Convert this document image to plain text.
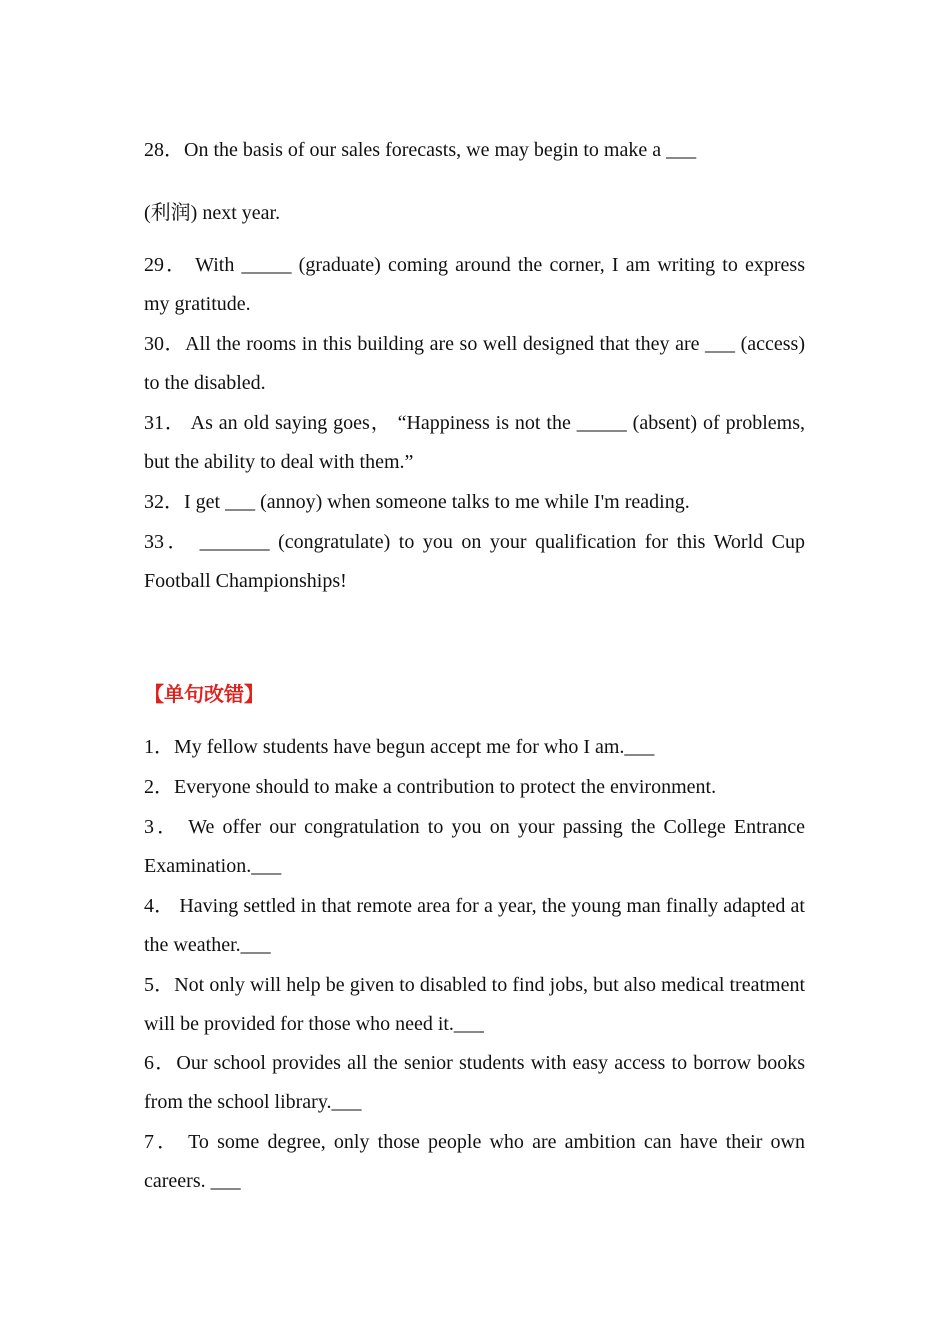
28．On the basis of our sales forecasts, we may begin to make a ___

(利润) next year.

29． With _____ (graduate) coming around the corner, I am writing to express my gratitude.

30．All the rooms in this building are so well designed that they are ___ (access) to the disabled.

31． As an old saying goes， “Happiness is not the _____ (absent) of problems, but the ability to deal with them.”

32．I get ___ (annoy) when someone talks to me while I'm reading.

33． _______ (congratulate) to you on your qualification for this World Cup Football Championships!

【单句改错】

1．My fellow students have begun accept me for who I am.___

2．Everyone should to make a contribution to protect the environment.

3． We offer our congratulation to you on your passing the College Entrance Examination.___

4． Having settled in that remote area for a year, the young man finally adapted at the weather.___

5．Not only will help be given to disabled to find jobs, but also medical treatment will be provided for those who need it.___

6．Our school provides all the senior students with easy access to borrow books from the school library.___

7． To some degree, only those people who are ambition can have their own careers. ___
